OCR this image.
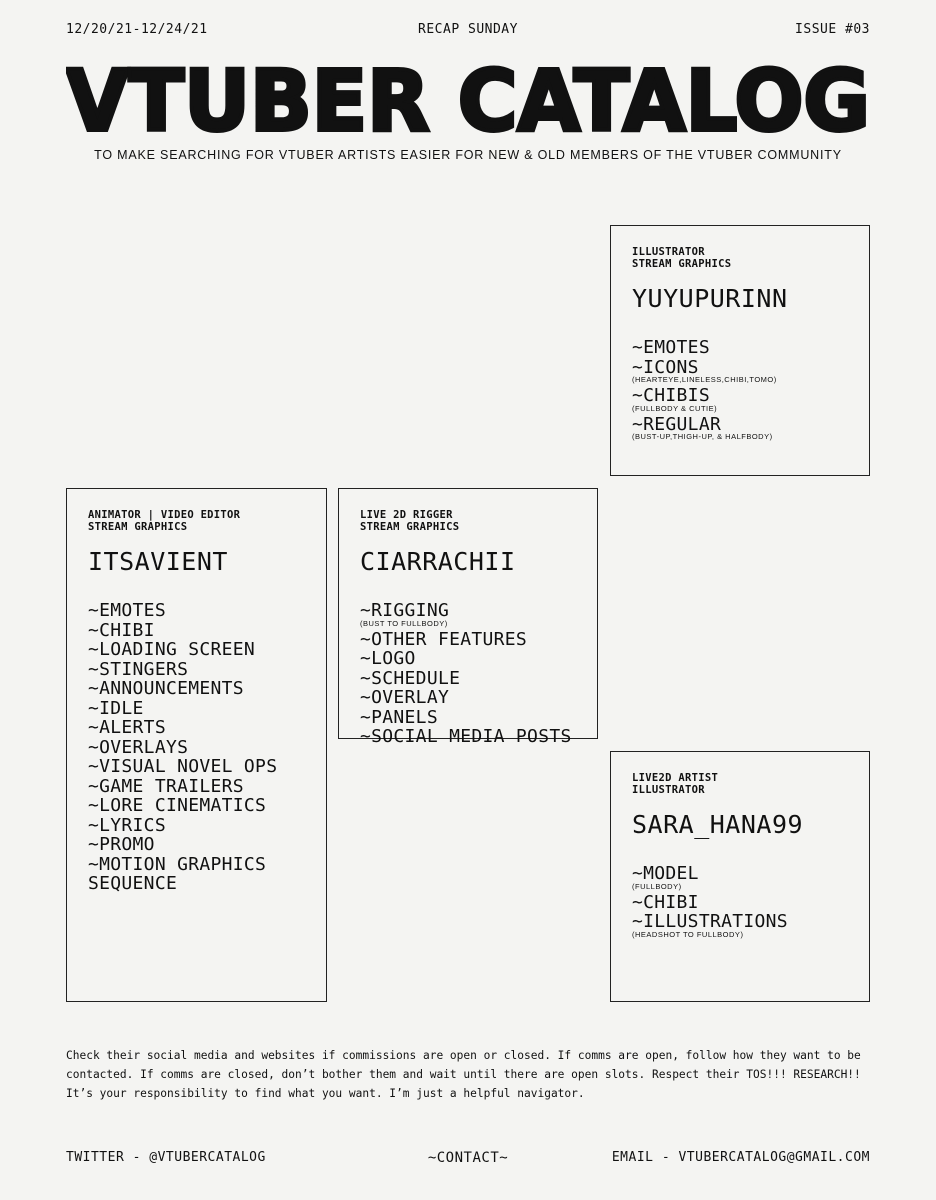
12/20/21-12/24/21	RECAP SUNDAY	ISSUE #03
VTUBER CATALOG
TO MAKE SEARCHING FOR VTUBER ARTISTS EASIER FOR NEW & OLD MEMBERS OF THE VTUBER COMMUNITY
ILLUSTRATOR
STREAM GRAPHICS
YUYUPURINN
~EMOTES
~ICONS
(HEARTEYE,LINELESS,CHIBI,TOMO)
~CHIBIS
(FULLBODY & CUTIE)
~REGULAR
(BUST-UP,THIGH-UP, & HALFBODY)
ANIMATOR | VIDEO EDITOR
STREAM GRAPHICS
ITSAVIENT
~EMOTES
~CHIBI
~LOADING SCREEN
~STINGERS
~ANNOUNCEMENTS
~IDLE
~ALERTS
~OVERLAYS
~VISUAL NOVEL OPS
~GAME TRAILERS
~LORE CINEMATICS
~LYRICS
~PROMO
~MOTION GRAPHICS
SEQUENCE
LIVE 2D RIGGER
STREAM GRAPHICS
CIARRACHII
~RIGGING
(BUST TO FULLBODY)
~OTHER FEATURES
~LOGO
~SCHEDULE
~OVERLAY
~PANELS
~SOCIAL MEDIA POSTS
LIVE2D ARTIST
ILLUSTRATOR
SARA_HANA99
~MODEL
(FULLBODY)
~CHIBI
~ILLUSTRATIONS
(HEADSHOT TO FULLBODY)
Check their social media and websites if commissions are open or closed. If comms are open, follow how they want to be contacted. If comms are closed, don’t bother them and wait until there are open slots. Respect their TOS!!! RESEARCH!! It’s your responsibility to find what you want. I’m just a helpful navigator.
TWITTER - @VTUBERCATALOG	~CONTACT~	EMAIL - VTUBERCATALOG@GMAIL.COM
